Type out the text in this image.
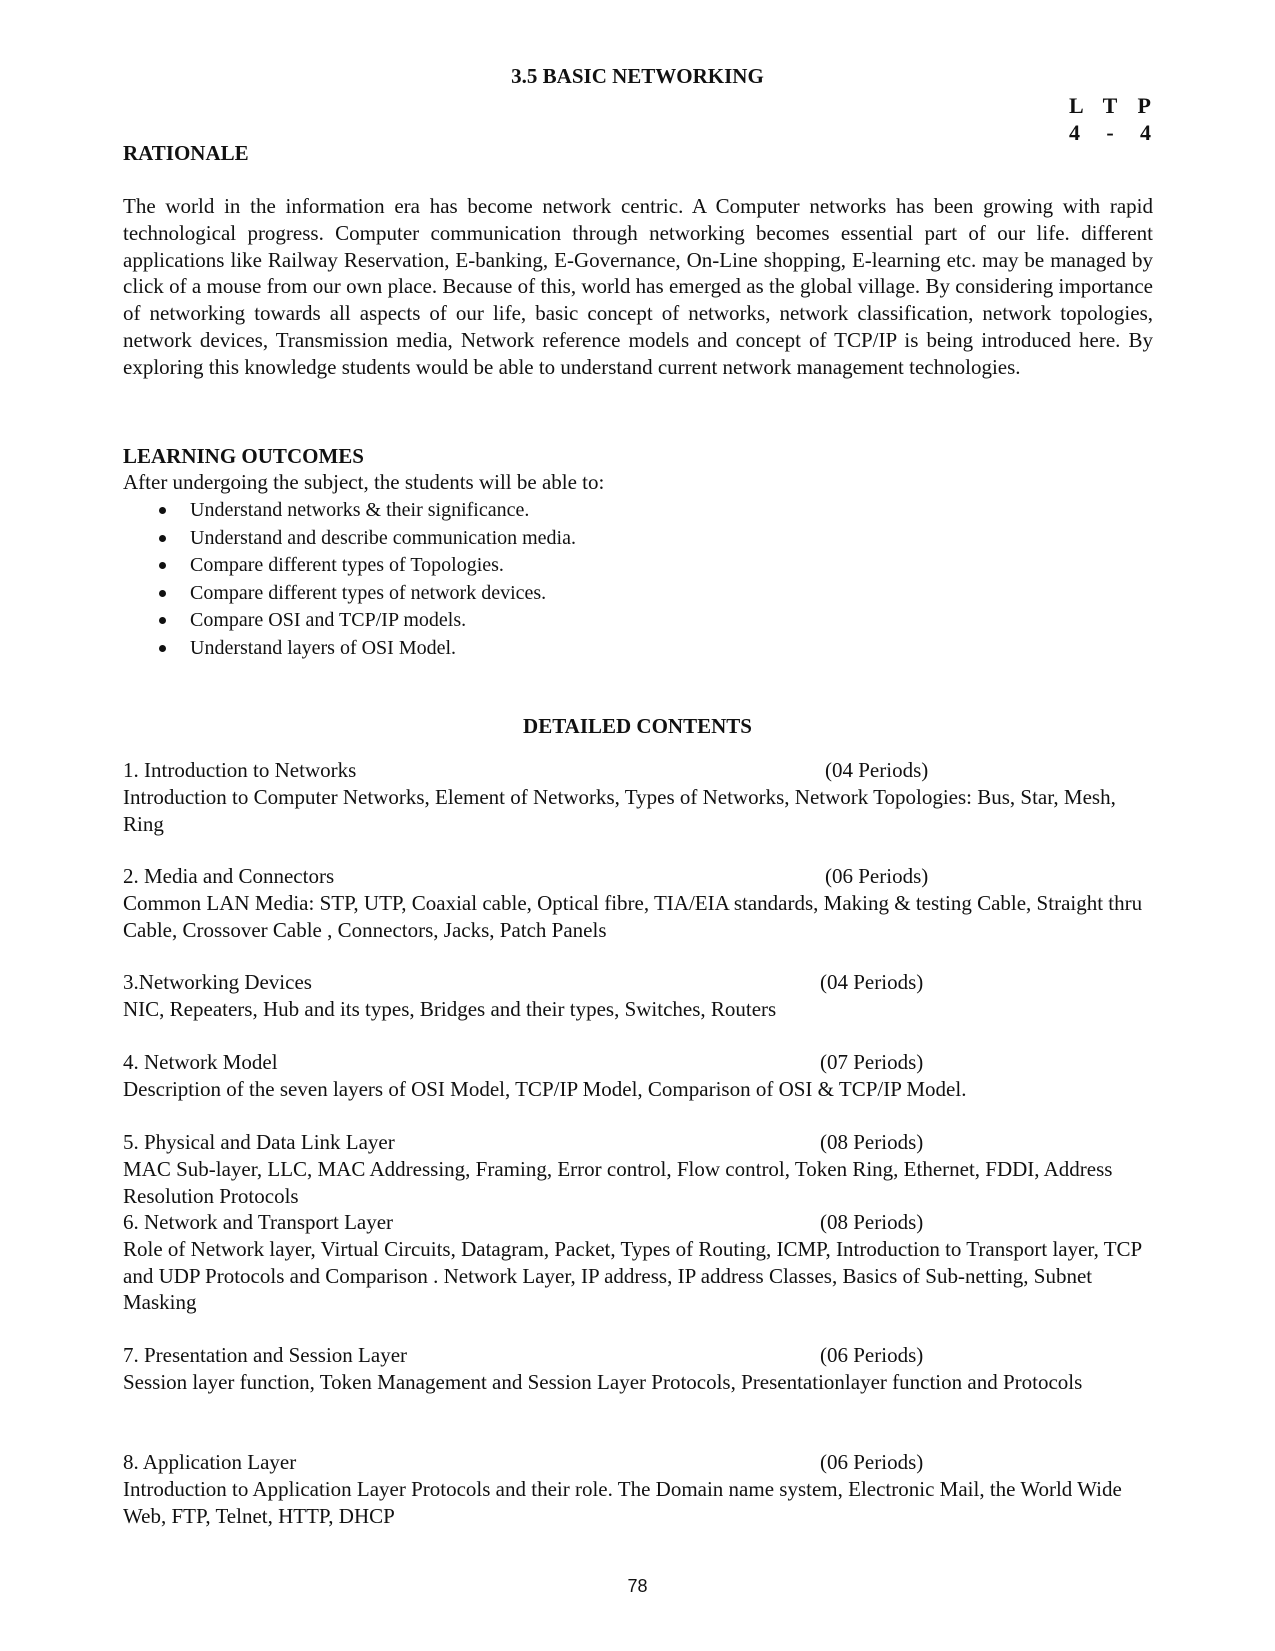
3.5 BASIC NETWORKING
L T P
4	-	4
RATIONALE
The world in the information era has become network centric. A Computer networks has been growing with rapid technological progress. Computer communication through networking becomes essential part of our life. different applications like Railway Reservation, E-banking, E-Governance, On-Line shopping, E-learning etc. may be managed by click of a mouse from our own place. Because of this, world has emerged as the global village. By considering importance of networking towards all aspects of our life, basic concept of networks, network classification, network topologies, network devices, Transmission media, Network reference models and concept of TCP/IP is being introduced here. By exploring this knowledge students would be able to understand current network management technologies.
LEARNING OUTCOMES
After undergoing the subject, the students will be able to:
Understand networks & their significance.
Understand and describe communication media.
Compare different types of Topologies.
Compare different types of network devices.
Compare OSI and TCP/IP models.
Understand layers of OSI Model.
DETAILED CONTENTS
1. Introduction to Networks	(04 Periods)

Introduction to Computer Networks, Element of Networks, Types of Networks, Network Topologies: Bus, Star, Mesh, Ring

2. Media and Connectors	(06 Periods)

Common LAN Media: STP, UTP, Coaxial cable, Optical fibre, TIA/EIA standards, Making & testing Cable, Straight thru Cable, Crossover Cable , Connectors, Jacks, Patch Panels

3.Networking Devices	(04 Periods)

NIC, Repeaters, Hub and its types, Bridges and their types, Switches, Routers

4. Network Model	(07 Periods)

Description of the seven layers of OSI Model, TCP/IP Model, Comparison of OSI & TCP/IP Model.

5. Physical and Data Link Layer	(08 Periods)

MAC Sub-layer, LLC, MAC Addressing, Framing, Error control, Flow control, Token Ring, Ethernet, FDDI, Address Resolution Protocols

6. Network and Transport Layer	(08 Periods)

Role of Network layer, Virtual Circuits, Datagram, Packet, Types of Routing, ICMP, Introduction to Transport layer, TCP and UDP Protocols and Comparison . Network Layer, IP address, IP address Classes, Basics of Sub-netting, Subnet Masking

7. Presentation and Session Layer	(06 Periods)

Session layer function, Token Management and Session Layer Protocols, Presentationlayer function and Protocols

8. Application Layer	(06 Periods)

Introduction to Application Layer Protocols and their role. The Domain name system, Electronic Mail, the World Wide Web, FTP, Telnet, HTTP, DHCP

78
